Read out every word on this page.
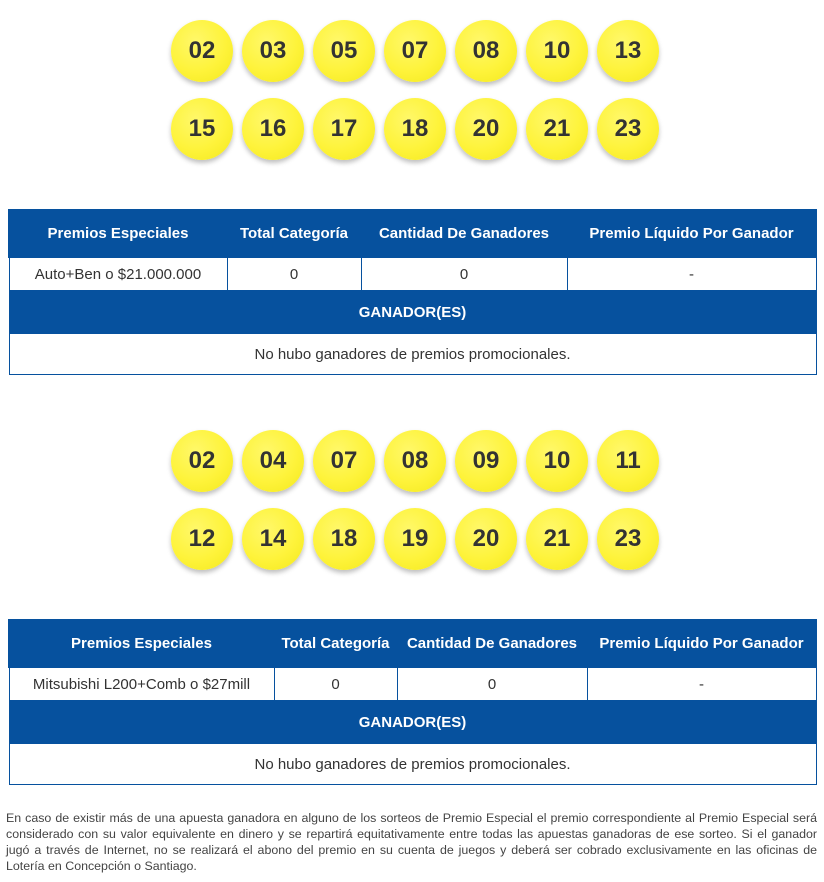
02	03	05	07	08	10	13
15	16	17	18	20	21	23
Premios Especiales	Total Categoría	Cantidad De Ganadores	Premio Líquido Por Ganador
Auto+Ben o $21.000.000	0	0	-
GANADOR(ES)			
No hubo ganadores de premios promocionales.			
02	04	07	08	09	10	11
12	14	18	19	20	21	23
Premios Especiales	Total Categoría	Cantidad De Ganadores	Premio Líquido Por Ganador
Mitsubishi L200+Comb o $27mill	0	0	-
GANADOR(ES)			
No hubo ganadores de premios promocionales.			

En caso de existir más de una apuesta ganadora en alguno de los sorteos de Premio Especial el premio correspondiente al Premio Especial será considerado con su valor equivalente en dinero y se repartirá equitativamente entre todas las apuestas ganadoras de ese sorteo. Si el ganador jugó a través de Internet, no se realizará el abono del premio en su cuenta de juegos y deberá ser cobrado exclusivamente en las oficinas de Lotería en Concepción o Santiago.
